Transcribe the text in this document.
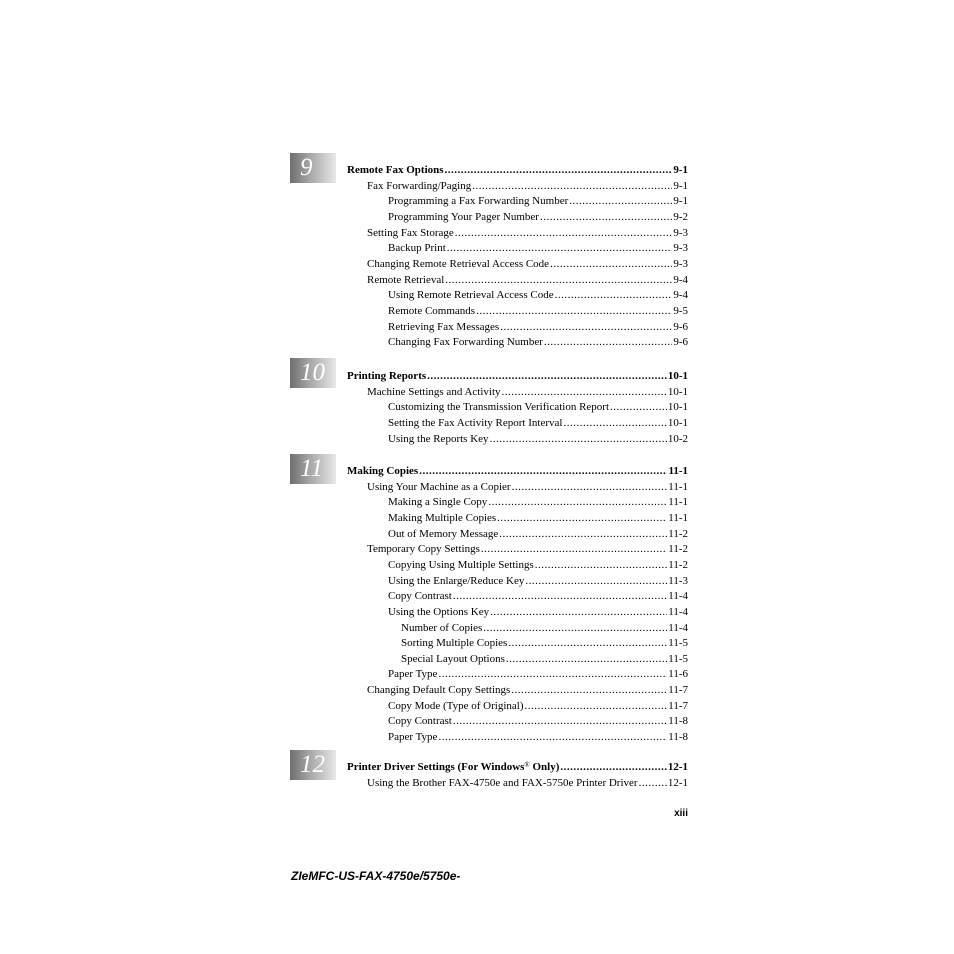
9	Remote Fax Options .....	9-1
Fax Forwarding/Paging .....	9-1
Programming a Fax Forwarding Number .....	9-1
Programming Your Pager Number .....	9-2
Setting Fax Storage .....	9-3
Backup Print .....	9-3
Changing Remote Retrieval Access Code .....	9-3
Remote Retrieval .....	9-4
Using Remote Retrieval Access Code .....	9-4
Remote Commands .....	9-5
Retrieving Fax Messages .....	9-6
Changing Fax Forwarding Number .....	9-6
10	Printing Reports .....	10-1
Machine Settings and Activity .....	10-1
Customizing the Transmission Verification Report .....	10-1
Setting the Fax Activity Report Interval .....	10-1
Using the Reports Key .....	10-2
11	Making Copies .....	11-1
Using Your Machine as a Copier .....	11-1
Making a Single Copy .....	11-1
Making Multiple Copies .....	11-1
Out of Memory Message .....	11-2
Temporary Copy Settings .....	11-2
Copying Using Multiple Settings .....	11-2
Using the Enlarge/Reduce Key .....	11-3
Copy Contrast .....	11-4
Using the Options Key .....	11-4
Number of Copies .....	11-4
Sorting Multiple Copies .....	11-5
Special Layout Options .....	11-5
Paper Type .....	11-6
Changing Default Copy Settings .....	11-7
Copy Mode (Type of Original) .....	11-7
Copy Contrast .....	11-8
Paper Type .....	11-8
12	Printer Driver Settings (For Windows® Only) .....	12-1
Using the Brother FAX-4750e and FAX-5750e Printer Driver .....	12-1
xiii
ZIeMFC-US-FAX-4750e/5750e-
